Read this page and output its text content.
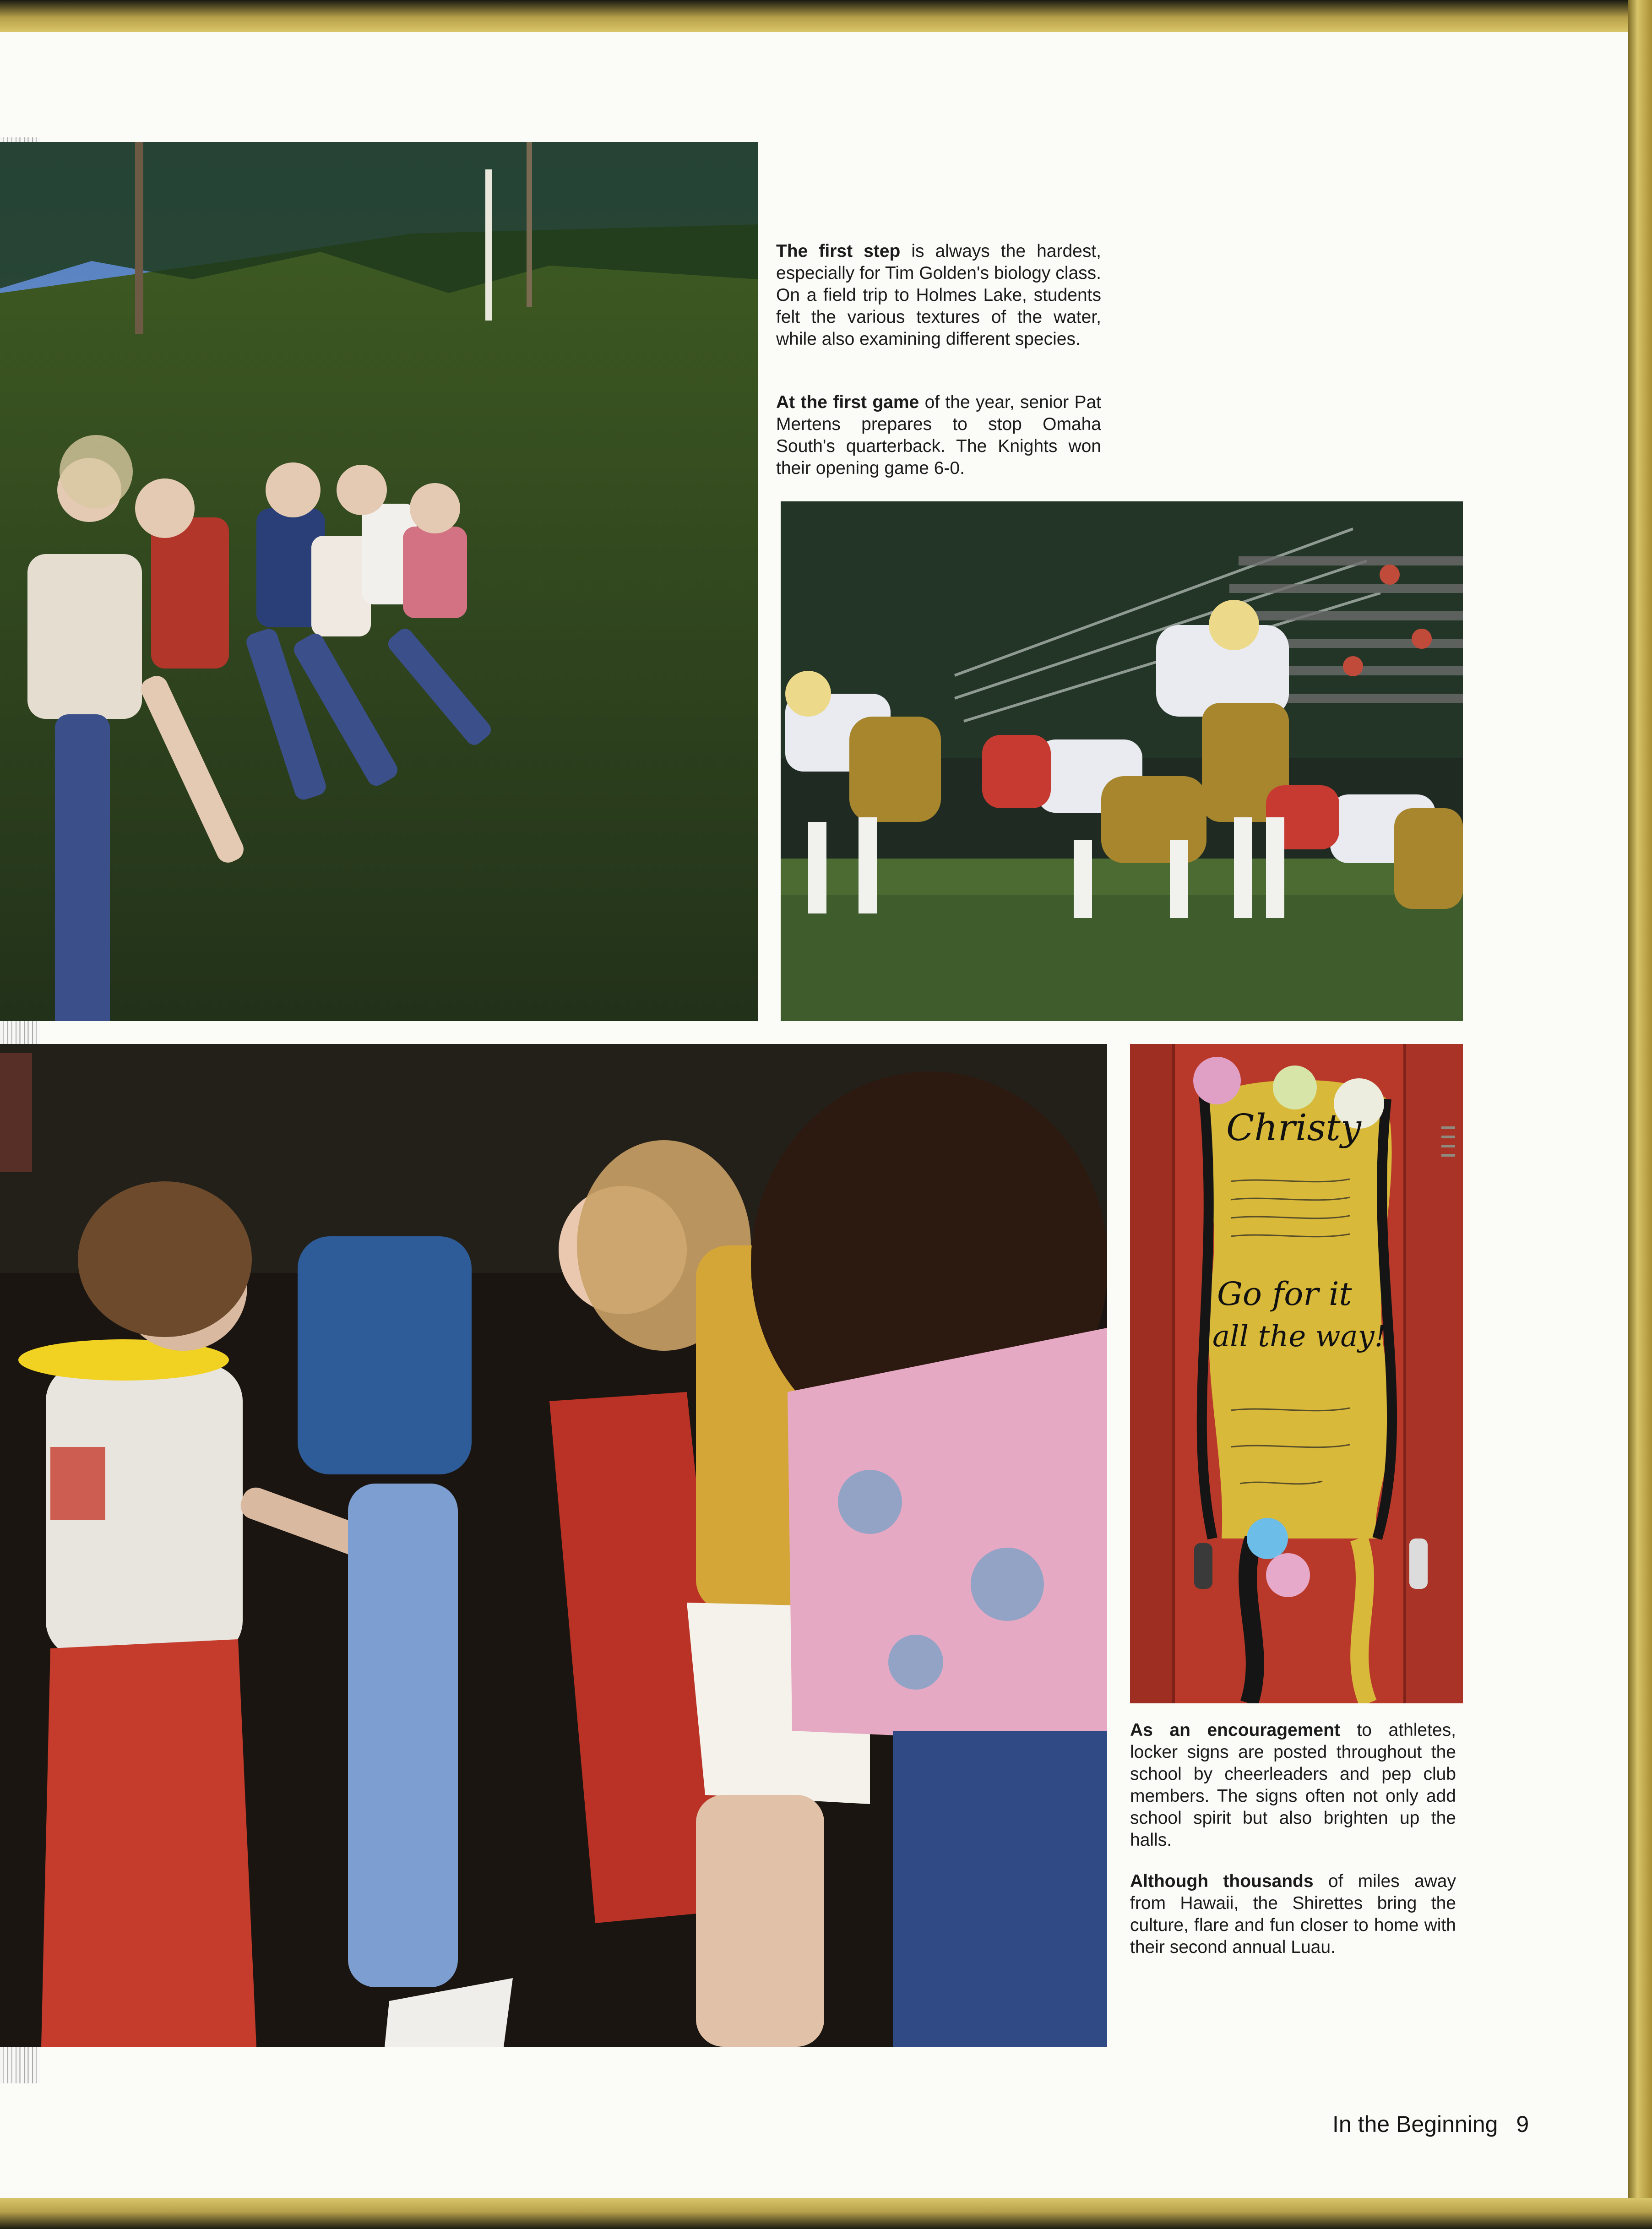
The first step is always the hardest, especially for Tim Golden's biology class. On a field trip to Holmes Lake, students felt the various textures of the water, while also examining different species.
At the first game of the year, senior Pat Mertens prepares to stop Omaha South's quarterback. The Knights won their opening game 6-0.
Christy
Go for it
all the way!
As an encouragement to athletes, locker signs are posted throughout the school by cheerleaders and pep club members. The signs often not only add school spirit but also brighten up the halls.
Although thousands of miles away from Hawaii, the Shirettes bring the culture, flare and fun closer to home with their second annual Luau.
In the Beginning 9
